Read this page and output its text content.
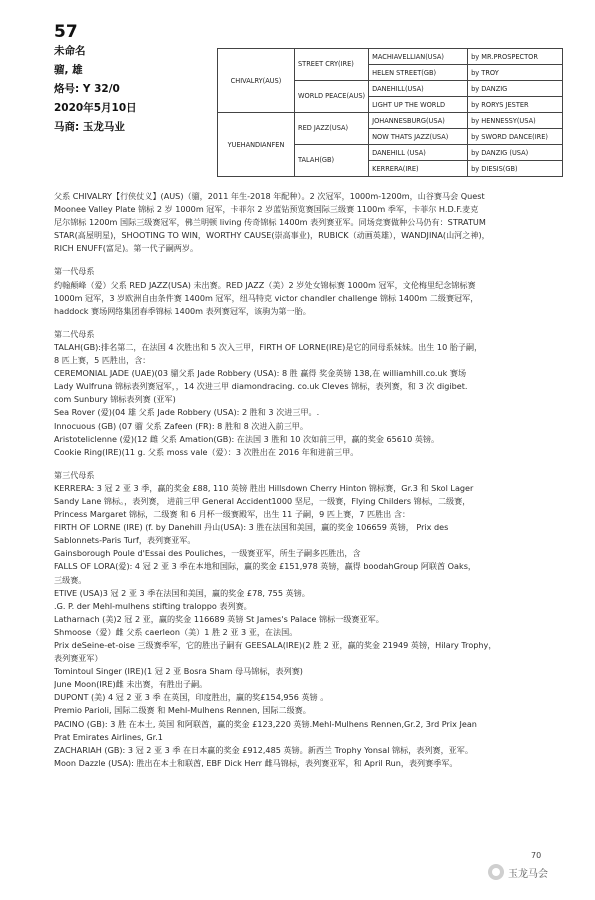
57
未命名
骝, 雄
烙号: Y 32/0
2020年5月10日
马商: 玉龙马业
CHIVALRY(AUS)	STREET CRY(IRE)	MACHIAVELLIAN(USA)	by MR.PROSPECTOR
		HELEN STREET(GB)	by TROY
	WORLD PEACE(AUS)	DANEHILL(USA)	by DANZIG
		LIGHT UP THE WORLD	by RORYS JESTER
YUEHANDIANFEN	RED JAZZ(USA)	JOHANNESBURG(USA)	by HENNESSY(USA)
		NOW THATS JAZZ(USA)	by SWORD DANCE(IRE)
	TALAH(GB)	DANEHILL (USA)	by DANZIG (USA)
		KERRERA(IRE)	by DIESIS(GB)
父系 CHIVALRY【行侠仗义】(AUS)（骝，2011 年生-2018 年配种）。2 次冠军，1000m-1200m，山谷赛马会 Quest
Moonee Valley Plate 锦标 2 岁 1000m 冠军，卡菲尔 2 岁蓝钻预览赛国际三级赛 1100m 季军，卡菲尔 H.D.F.麦克
尼尔锦标 1200m 国际三级赛冠军，佛兰明顿 living 传奇锦标 1400m 表列赛亚军。同场竞赛做种公马仍有：STRATUM
STAR(高屋明星)，SHOOTING TO WIN，WORTHY CAUSE(崇高事业)，RUBICK（动画英雄），WANDJINA(山河之神)，
RICH ENUFF(富足)。第一代子嗣两岁。
第一代母系
约翰颠峰（爱）父系 RED JAZZ(USA) 未出赛。RED JAZZ（美）2 岁处女锦标赛 1000m 冠军，文伦梅里纪念锦标赛
1000m 冠军，3 岁欧洲自由条件赛 1400m 冠军，纽马特克 victor chandler challenge 锦标 1400m 二级赛冠军，
haddock 赛场网络集团春季锦标 1400m 表列赛冠军，该驹为第一胎。
第二代母系
TALAH(GB):排名第二，在法国 4 次胜出和 5 次入三甲，FIRTH OF LORNE(IRE)是它的同母系妹妹。出生 10 胎子嗣，
8 匹上赛，5 匹胜出，含：
CEREMONIAL JADE (UAE)(03 骝父系 Jade Robbery (USA): 8 胜 赢得 奖金英镑 138,在 williamhill.co.uk 赛场
Lady Wulfruna 锦标表列赛冠军，，14 次进三甲 diamondracing. co.uk Cleves 锦标，表列赛，和 3 次 digibet.
com Sunbury 锦标表列赛 (亚军)
Sea Rover (爱)(04 雄 父系 Jade Robbery (USA): 2 胜和 3 次进三甲。.
Innocuous (GB) (07 骝 父系 Zafeen (FR): 8 胜和 8 次进入前三甲。
Aristoteliclenne (爱)(12 雌 父系 Amation(GB): 在法国 3 胜和 10 次如前三甲，赢的奖金 65610 英镑。
Cookie Ring(IRE)(11 g. 父系 moss vale（爱）：3 次胜出在 2016 年和进前三甲。
第三代母系
KERRERA: 3 冠 2 亚 3 季，赢的奖金 £88, 110 英镑 胜出 Hillsdown Cherry Hinton 锦标赛，Gr.3 和 Skol Lager
Sandy Lane 锦标。，表列赛， 进前三甲 General Accident1000 坚尼，一级赛，Flying Childers 锦标，二级赛，
Princess Margaret 锦标，二级赛 和 6 月杯一级赛殿军，出生 11 子嗣，9 匹上赛，7 匹胜出 含：
FIRTH OF LORNE (IRE) (f. by Danehill 丹山(USA): 3 胜在法国和美国，赢的奖金 106659 英镑， Prix des
Sablonnets-Paris Turf，表列赛亚军。
Gainsborough Poule d'Essai des Pouliches，一级赛亚军，所生子嗣多匹胜出，含
FALLS OF LORA(爱): 4 冠 2 亚 3 季在本地和国际，赢的奖金 £151,978 英镑，赢得 boodahGroup 阿联酋 Oaks，
三级赛。
ETIVE (USA)3 冠 2 亚 3 季在法国和美国，赢的奖金 £78, 755 英镑。
.G. P. der Mehl-mulhens stifting traloppo 表列赛。
Latharnach (美)2 冠 2 亚，赢的奖金 116689 英镑 St James's Palace 锦标一级赛亚军。
Shmoose（爱）雌 父系 caerleon（美）1 胜 2 亚 3 亚，在法国。
Prix deSeine-et-oise 三级赛季军，它的胜出子嗣有 GEESALA(IRE)(2 胜 2 亚，赢的奖金 21949 英镑，Hilary Trophy，
表列赛亚军）
Tomintoul Singer (IRE)(1 冠 2 亚 Bosra Sham 母马锦标，表列赛)
June Moon(IRE)雌 未出赛，有胜出子嗣。
DUPONT (美) 4 冠 2 亚 3 季 在英国，印度胜出，赢的奖£154,956 英镑 。
Premio Parioli, 国际二级赛 和 Mehl-Mulhens Rennen, 国际二级赛。
PACINO (GB): 3 胜 在本土, 英国 和阿联酋，赢的奖金 £123,220 英镑.Mehl-Mulhens Rennen,Gr.2, 3rd Prix Jean
Prat Emirates Airlines, Gr.1
ZACHARIAH (GB): 3 冠 2 亚 3 季 在日本赢的奖金 £912,485 英镑。新西兰 Trophy Yonsal 锦标，表列赛，亚军。
Moon Dazzle (USA): 胜出在本土和联酋, EBF Dick Herr 雌马锦标，表列赛亚军，和 April Run，表列赛季军。
70
玉龙马会
